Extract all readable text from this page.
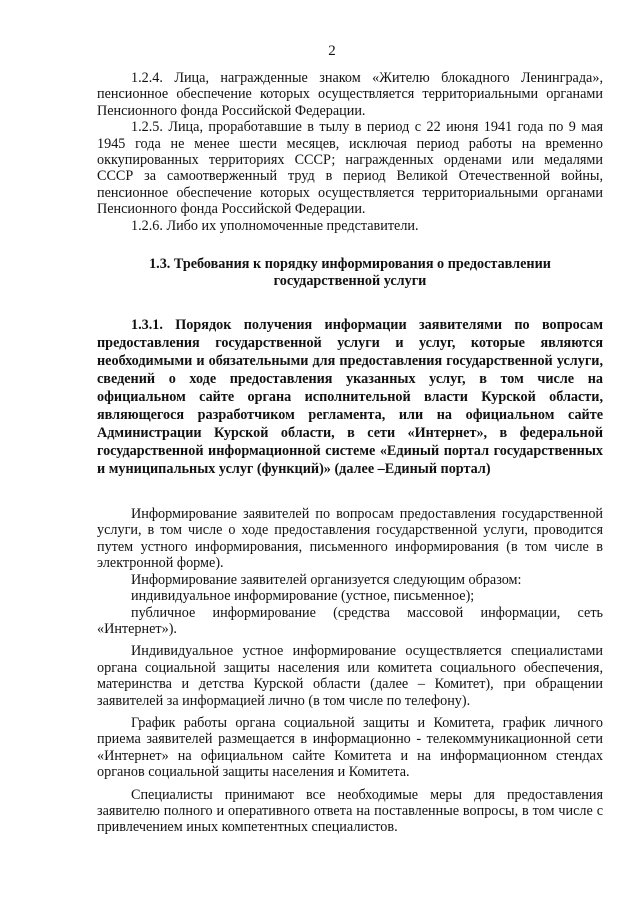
2

1.2.4. Лица, награжденные знаком «Жителю блокадного Ленинграда», пенсионное обеспечение которых осуществляется территориальными органами Пенсионного фонда Российской Федерации.

1.2.5. Лица, проработавшие в тылу в период с 22 июня 1941 года по 9 мая 1945 года не менее шести месяцев, исключая период работы на временно оккупированных территориях СССР; награжденных орденами или медалями СССР за самоотверженный труд в период Великой Отечественной войны, пенсионное обеспечение которых осуществляется территориальными органами Пенсионного фонда Российской Федерации.

1.2.6. Либо их уполномоченные представители.

1.3. Требования к порядку информирования о предоставлении государственной услуги

1.3.1. Порядок получения информации заявителями по вопросам предоставления государственной услуги и услуг, которые являются необходимыми и обязательными для предоставления государственной услуги, сведений о ходе предоставления указанных услуг, в том числе на официальном сайте органа исполнительной власти Курской области, являющегося разработчиком регламента, или на официальном сайте Администрации Курской области, в сети «Интернет», в федеральной государственной информационной системе «Единый портал государственных и муниципальных услуг (функций)» (далее –Единый портал)

Информирование заявителей по вопросам предоставления государственной услуги, в том числе о ходе предоставления государственной услуги, проводится путем устного информирования, письменного информирования (в том числе в электронной форме).

Информирование заявителей организуется следующим образом:

индивидуальное информирование (устное, письменное);

публичное информирование (средства массовой информации, сеть «Интернет»).

Индивидуальное устное информирование осуществляется специалистами органа социальной защиты населения или комитета социального обеспечения, материнства и детства Курской области (далее – Комитет), при обращении заявителей за информацией лично (в том числе по телефону).

График работы органа социальной защиты и Комитета, график личного приема заявителей размещается в информационно - телекоммуникационной сети «Интернет» на официальном сайте Комитета и на информационном стендах органов социальной защиты населения и Комитета.

Специалисты принимают все необходимые меры для предоставления заявителю полного и оперативного ответа на поставленные вопросы, в том числе с привлечением иных компетентных специалистов.
